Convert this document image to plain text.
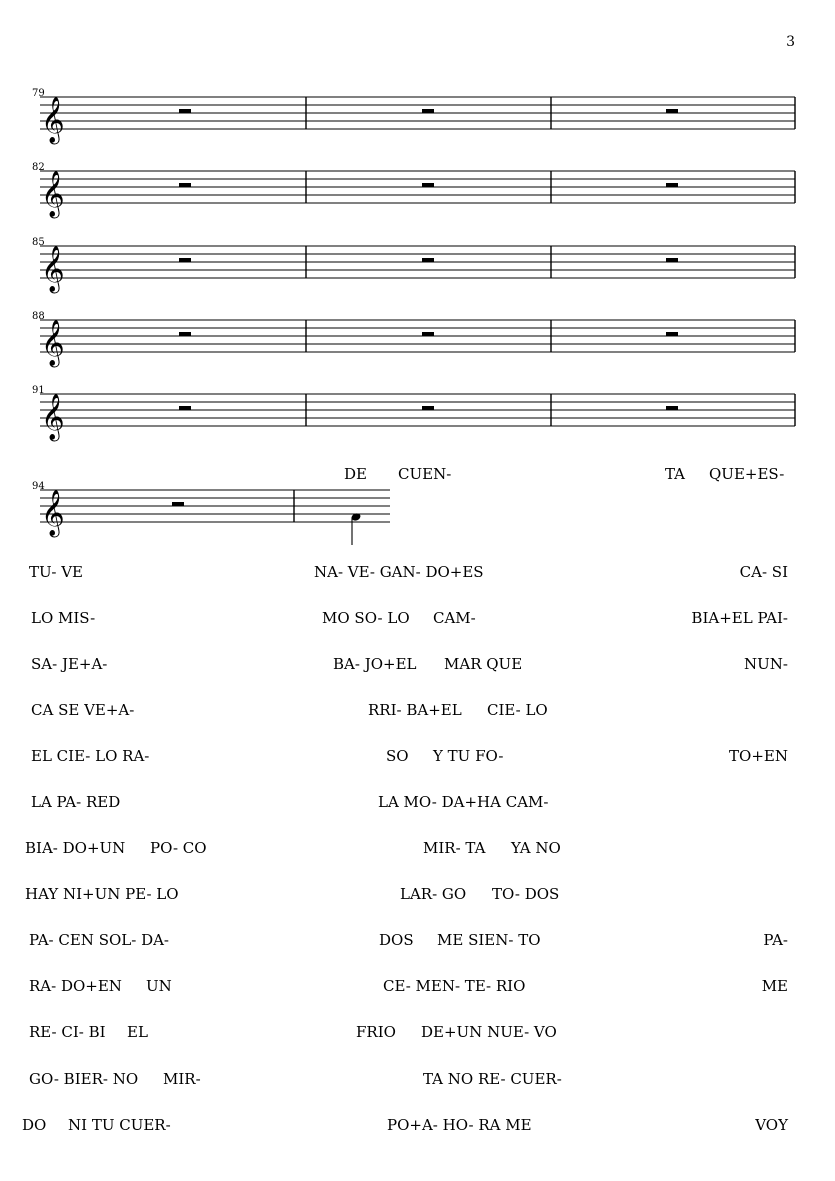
3
79
𝄞
82
𝄞
85
𝄞
88
𝄞
91
𝄞
94
𝄞
DE CUEN-	TA QUE+ES-
TU- VE	NA- VE- GAN- DO+ES	CA- SI
LO MIS-	MO SO- LO CAM-	BIA+EL PAI-
SA- JE+A-	BA- JO+EL MAR QUE	NUN-
CA SE VE+A-	RRI- BA+EL CIE- LO
EL CIE- LO RA-	SO Y TU FO-	TO+EN
LA PA- RED	LA MO- DA+HA CAM-
BIA- DO+UN PO- CO	MIR- TA YA NO
HAY NI+UN PE- LO	LAR- GO TO- DOS
PA- CEN SOL- DA-	DOS ME SIEN- TO	PA-
RA- DO+EN UN	CE- MEN- TE- RIO	ME
RE- CI- BI EL	FRIO DE+UN NUE- VO
GO- BIER- NO MIR-	TA NO RE- CUER-
DO NI TU CUER-	PO+A- HO- RA ME	VOY
